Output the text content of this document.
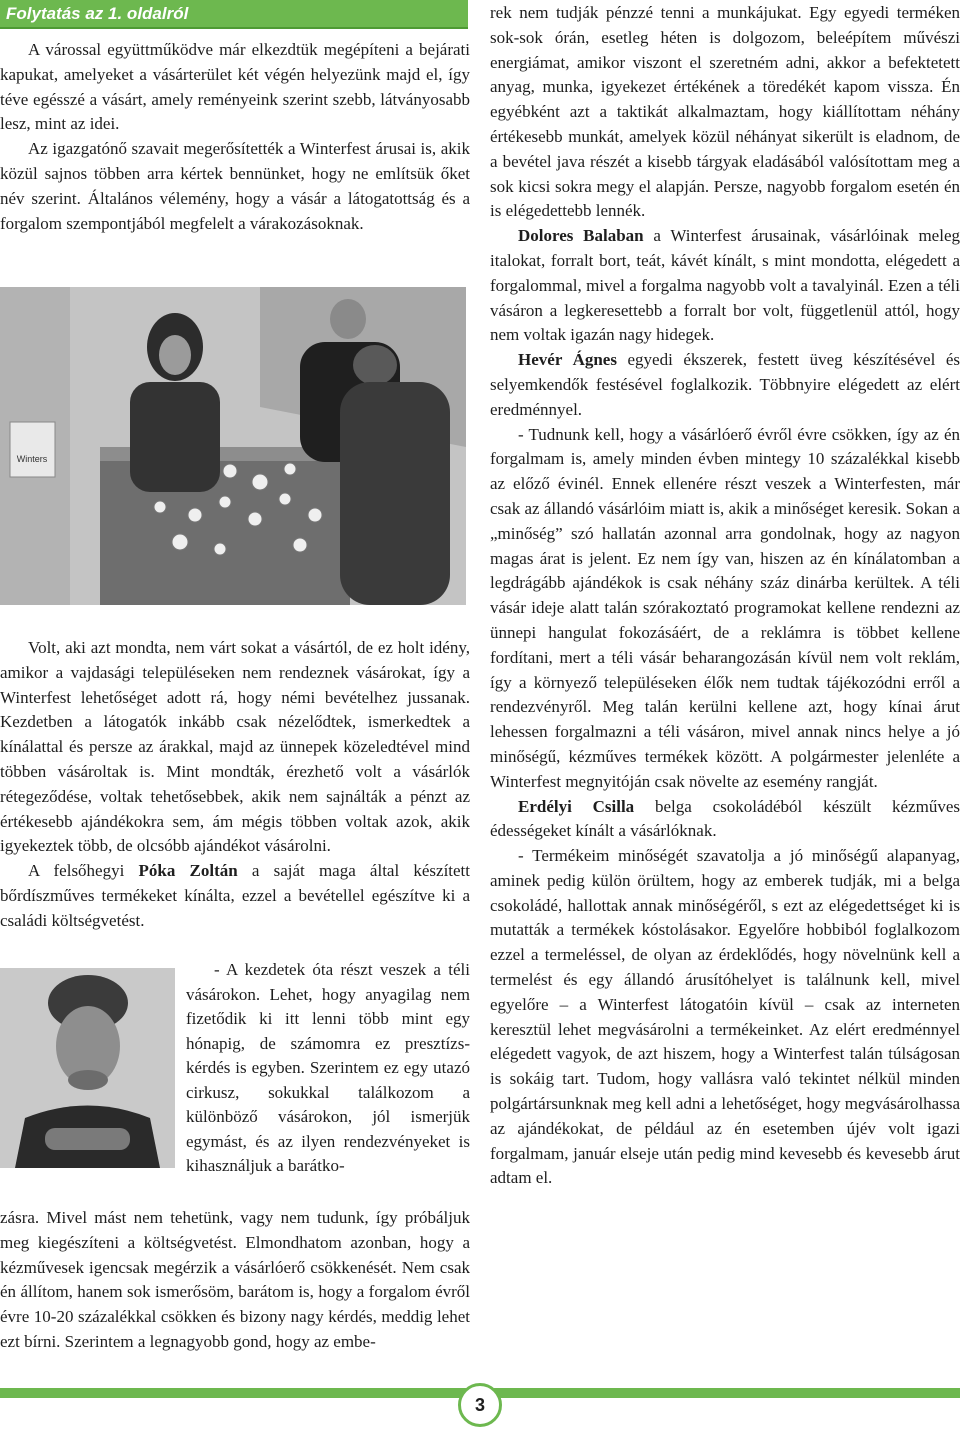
Folytatás az 1. oldalról

A várossal együttműködve már elkezdtük megépíteni a bejárati kapukat, amelyeket a vásárterület két végén helyezünk majd el, így téve egésszé a vásárt, amely reményeink szerint szebb, látványosabb lesz, mint az idei.

Az igazgatónő szavait megerősítették a Winterfest árusai is, akik közül sajnos többen arra kértek bennünket, hogy ne említsük őket név szerint. Általános vélemény, hogy a vásár a látogatottság és a forgalom szempontjából megfelelt a várakozásoknak.

Winters

Volt, aki azt mondta, nem várt sokat a vásártól, de ez holt idény, amikor a vajdasági településeken nem rendeznek vásárokat, így a Winterfest lehetőséget adott rá, hogy némi bevételhez jussanak. Kezdetben a látogatók inkább csak nézelődtek, ismerkedtek a kínálattal és persze az árakkal, majd az ünnepek közeledtével mind többen vásároltak is. Mint mondták, érezhető volt a vásárlók rétegeződése, voltak tehetősebbek, akik nem sajnálták a pénzt az értékesebb ajándékokra sem, ám mégis többen voltak azok, akik igyekeztek több, de olcsóbb ajándékot vásárolni.

A felsőhegyi Póka Zoltán a saját maga által készített bőrdíszműves termékeket kínálta, ezzel a bevétellel egészítve ki a családi költségvetést.

- A kezdetek óta részt veszek a téli vásárokon. Lehet, hogy anyagilag nem fizetődik ki itt lenni több mint egy hónapig, de számomra ez presztízs-kérdés is egyben. Szerintem ez egy utazó cirkusz, sokukkal találkozom a különböző vásárokon, jól ismerjük egymást, és az ilyen rendezvényeket is kihasználjuk a barátko-

zásra. Mivel mást nem tehetünk, vagy nem tudunk, így próbáljuk meg kiegészíteni a költségvetést. Elmondhatom azonban, hogy a kézművesek igencsak megérzik a vásárlóerő csökkenését. Nem csak én állítom, hanem sok ismerősöm, barátom is, hogy a forgalom évről évre 10-20 százalékkal csökken és bizony nagy kérdés, meddig lehet ezt bírni. Szerintem a legnagyobb gond, hogy az embe-

rek nem tudják pénzzé tenni a munkájukat. Egy egyedi terméken sok-sok órán, esetleg héten is dolgozom, beleépítem művészi energiámat, amikor viszont el szeretném adni, akkor a befektetett anyag, munka, igyekezet értékének a töredékét kapom vissza. Én egyébként azt a taktikát alkalmaztam, hogy kiállítottam néhány értékesebb munkát, amelyek közül néhányat sikerült is eladnom, de a bevétel java részét a kisebb tárgyak eladásából valósítottam meg a sok kicsi sokra megy el alapján. Persze, nagyobb forgalom esetén én is elégedettebb lennék.

Dolores Balaban a Winterfest árusainak, vásárlóinak meleg italokat, forralt bort, teát, kávét kínált, s mint mondotta, elégedett a forgalommal, mivel a forgalma nagyobb volt a tavalyinál. Ezen a téli vásáron a legkeresettebb a forralt bor volt, függetlenül attól, hogy nem voltak igazán nagy hidegek.

Hevér Ágnes egyedi ékszerek, festett üveg készítésével és selyemkendők festésével foglalkozik. Többnyire elégedett az elért eredménnyel.

- Tudnunk kell, hogy a vásárlóerő évről évre csökken, így az én forgalmam is, amely minden évben mintegy 10 százalékkal kisebb az előző évinél. Ennek ellenére részt veszek a Winterfesten, már csak az állandó vásárlóim miatt is, akik a minőséget keresik. Sokan a „minőség” szó hallatán azonnal arra gondolnak, hogy az nagyon magas árat is jelent. Ez nem így van, hiszen az én kínálatomban a legdrágább ajándékok is csak néhány száz dinárba kerültek. A téli vásár ideje alatt talán szórakoztató programokat kellene rendezni az ünnepi hangulat fokozásáért, de a reklámra is többet kellene fordítani, mert a téli vásár beharangozásán kívül nem volt reklám, így a környező településeken élők nem tudtak tájékozódni erről a rendezvényről. Meg talán kerülni kellene azt, hogy kínai árut lehessen forgalmazni a téli vásáron, mivel annak nincs helye a jó minőségű, kézműves termékek között. A polgármester jelenléte a Winterfest megnyitóján csak növelte az esemény rangját.

Erdélyi Csilla belga csokoládéból készült kézműves édességeket kínált a vásárlóknak.

- Termékeim minőségét szavatolja a jó minőségű alapanyag, aminek pedig külön örültem, hogy az emberek tudják, mi a belga csokoládé, hallottak annak minőségéről, s ezt az elégedettséget ki is mutatták a termékek kóstolásakor. Egyelőre hobbiból foglalkozom ezzel a termeléssel, de olyan az érdeklődés, hogy növelnünk kell a termelést és egy állandó árusítóhelyet is találnunk kell, mivel egyelőre – a Winterfest látogatóin kívül – csak az interneten keresztül lehet megvásárolni a termékeinket. Az elért eredménnyel elégedett vagyok, de azt hiszem, hogy a Winterfest talán túlságosan is sokáig tart. Tudom, hogy vallásra való tekintet nélkül minden polgártársunknak meg kell adni a lehetőséget, hogy megvásárolhassa az ajándékokat, de például az én esetemben újév volt igazi forgalmam, január elseje után pedig mind kevesebb és kevesebb árut adtam el.

3
